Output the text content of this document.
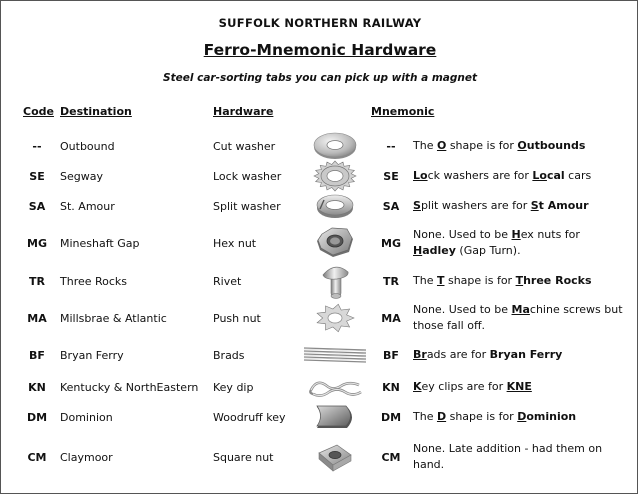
SUFFOLK NORTHERN RAILWAY
Ferro-Mnemonic Hardware
Steel car-sorting tabs you can pick up with a magnet
Code Destination	Hardware	Mnemonic
--	Outbound	Cut washer	--	The O shape is for Outbounds
SE	Segway	Lock washer	SE	Lock washers are for Local cars
SA	St. Amour	Split washer	SA	Split washers are for St Amour
MG	Mineshaft Gap	Hex nut	MG
None. Used to be Hex nuts for
Hadley (Gap Turn).
TR	Three Rocks	Rivet	TR	The T shape is for Three Rocks
MA	Millsbrae & Atlantic	Push nut	MA
None. Used to be Machine screws but
those fall off.
BF	Bryan Ferry	Brads	BF	Brads are for Bryan Ferry
KN	Kentucky & NorthEastern	Key dip	KN	Key clips are for KNE
DM	Dominion	Woodruff key	DM	The D shape is for Dominion
CM	Claymoor	Square nut	CM
None. Late addition - had them on
hand.
